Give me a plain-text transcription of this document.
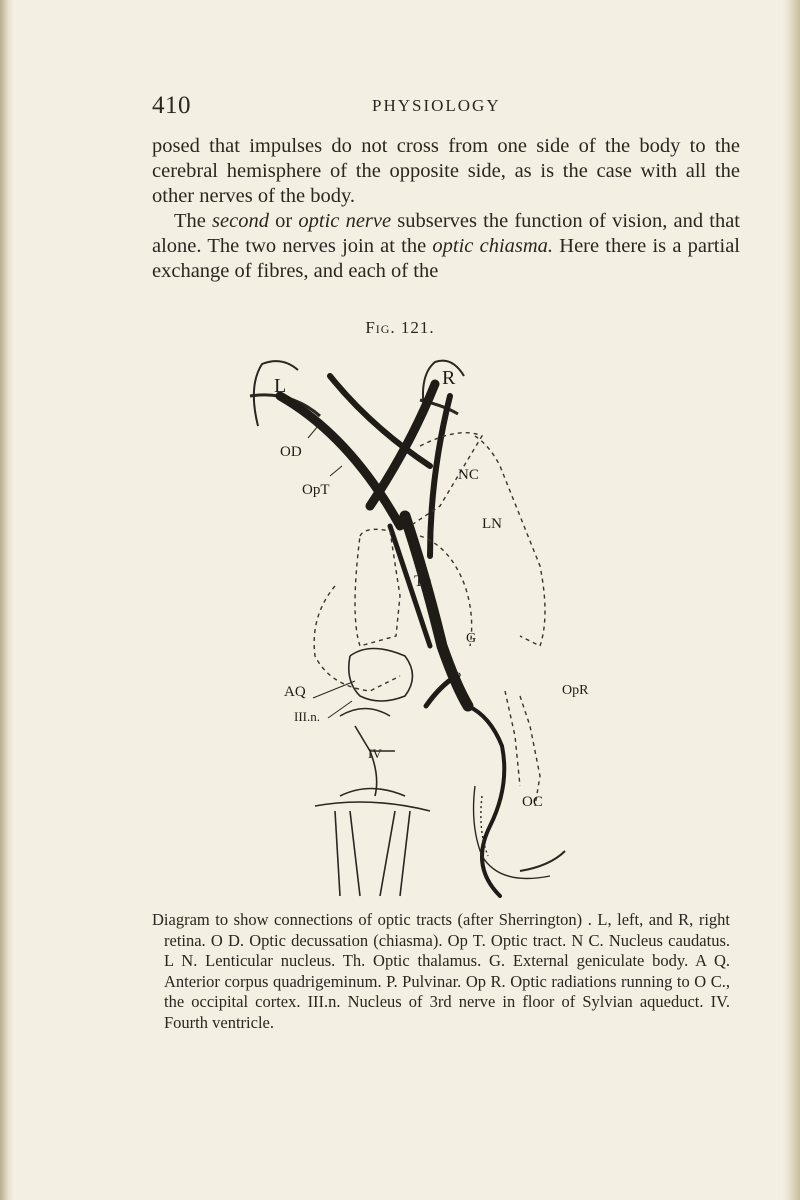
410	PHYSIOLOGY

posed that impulses do not cross from one side of the body to the cerebral hemisphere of the opposite side, as is the case with all the other nerves of the body.

The second or optic nerve subserves the function of vision, and that alone. The two nerves join at the optic chiasma. Here there is a partial exchange of fibres, and each of the

Fig. 121.
L	R
OD
OpT
NC
LN
Th
G
P
AQ
III.n.
IV
OpR
OC

Diagram to show connections of optic tracts (after Sherrington) . L, left, and R, right retina. O D. Optic decussation (chiasma). Op T. Optic tract. N C. Nucleus caudatus. L N. Lenticular nucleus. Th. Optic thalamus. G. External geniculate body. A Q. Anterior corpus quadrigeminum. P. Pulvinar. Op R. Optic radiations running to O C., the occipital cortex. III.n. Nucleus of 3rd nerve in floor of Sylvian aqueduct. IV. Fourth ventricle.
